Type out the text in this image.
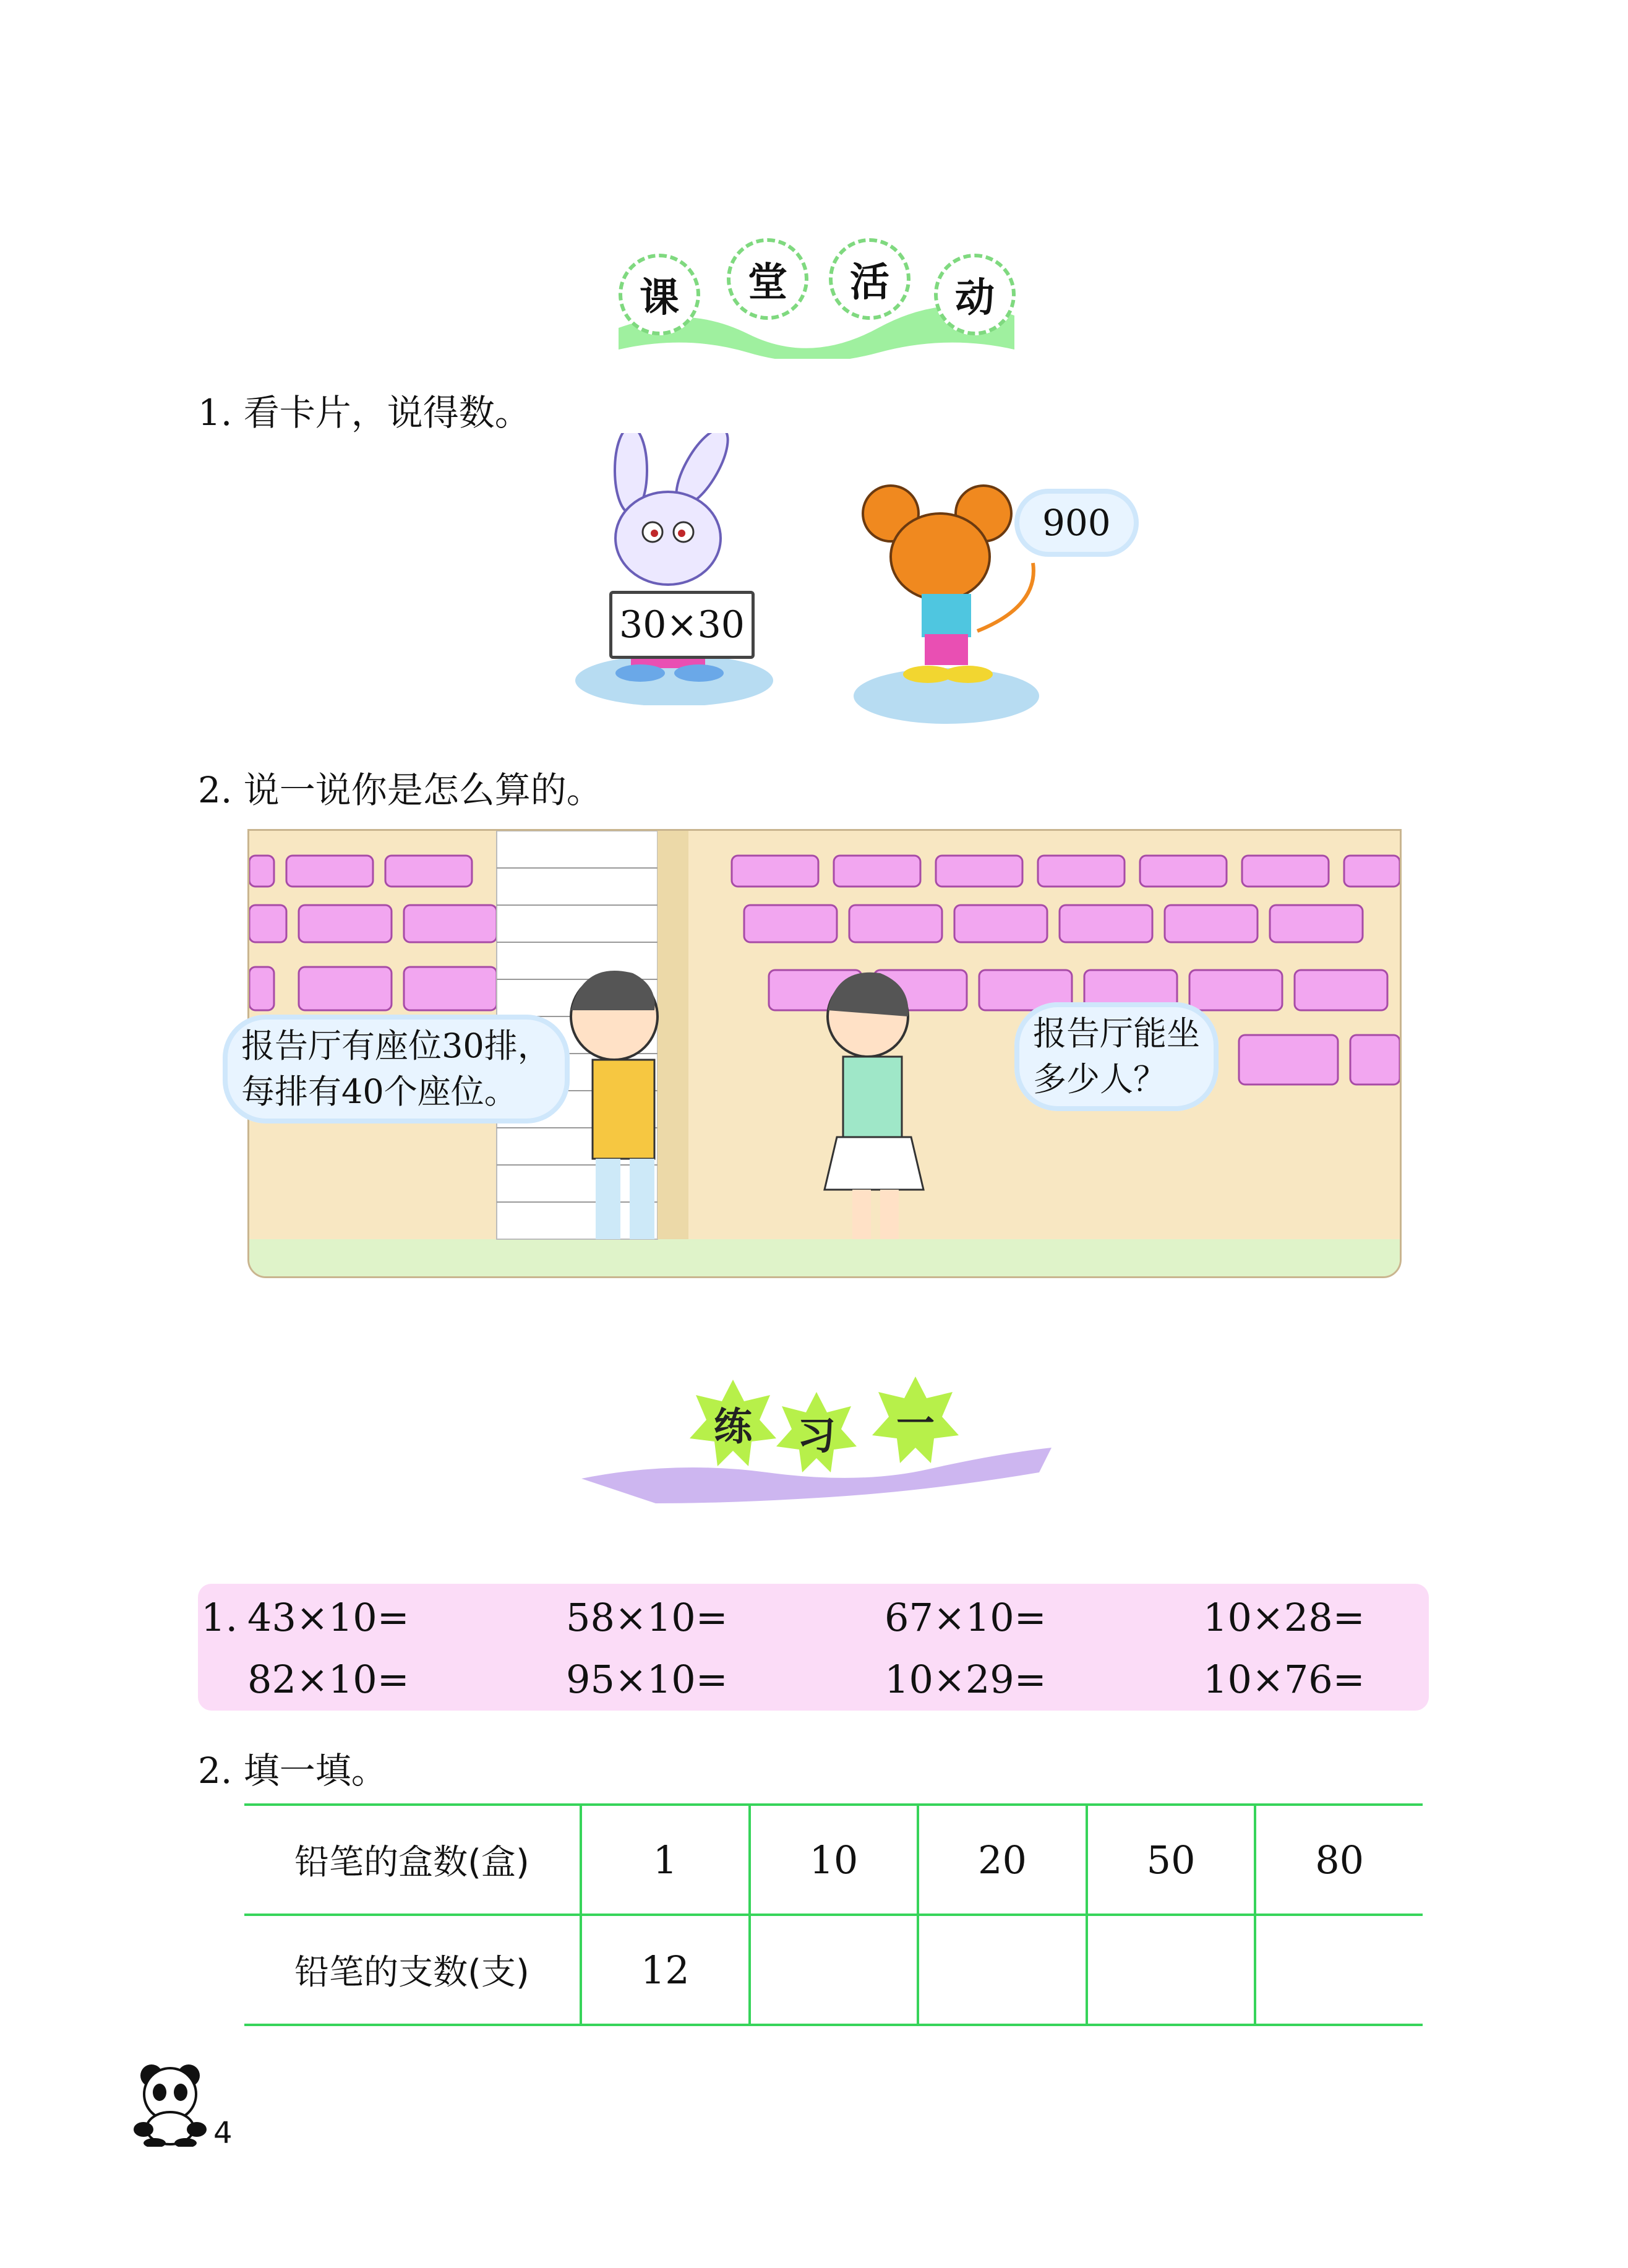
课	堂	活	动
1. 看卡片，说得数。
30×30
900
2. 说一说你是怎么算的。
报告厅有座位30排，
每排有40个座位。
报告厅能坐
多少人？
练	习	一
1. 43×10=	58×10=	67×10=	10×28=
82×10=	95×10=	10×29=	10×76=
2. 填一填。
铅笔的盒数(盒)	1	10	20	50	80
铅笔的支数(支)	12				
4
